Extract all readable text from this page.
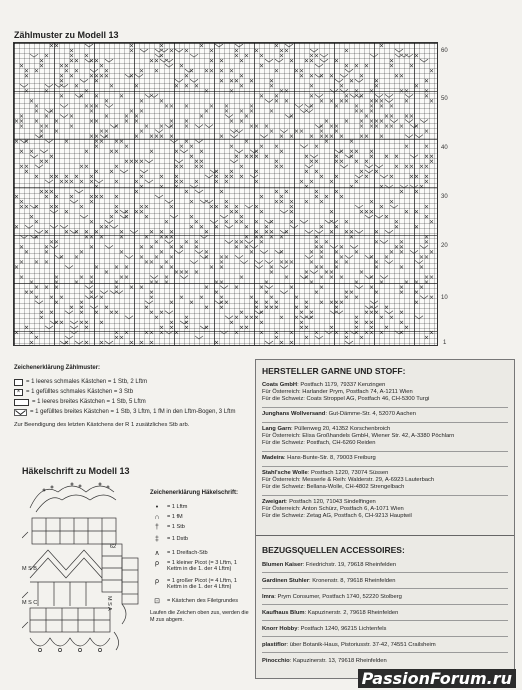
Zählmuster zu Modell 13
60
50
40
30
20
10
1
Zeichenerklärung Zählmuster:
= 1 leeres schmales Kästchen = 1 Stb, 2 Lftm
× = 1 gefülltes schmales Kästchen = 3 Stb
= 1 leeres breites Kästchen = 1 Stb, 5 Lftm
= 1 gefülltes breites Kästchen = 1 Stb, 3 Lftm, 1 fM in den Lftm-Bogen, 3 Lftm
Zur Beendigung des letzten Kästchens der R 1 zusätzliches Stb arb.
Häkelschrift zu Modell 13
M S B
62
M S A
M S C
Zeichenerklärung Häkelschrift:
•	= 1 Lftm
∩	= 1 fM
†	= 1 Stb
‡	= 1 Dstb
∧	= 1 Dreifach-Stb
ρ	= 1 kleiner Picot (= 3 Lftm, 1 Kettm in die 1. der 4 Lftm)
ρ	= 1 großer Picot (= 4 Lftm, 1 Kettm in die 1. der 4 Lftm)
⊡	= Kästchen des Filetgrundes
Laufen die Zeichen oben zus, werden die M zus abgem.
HERSTELLER GARNE UND STOFF:
Coats GmbH: Postfach 1179, 79337 Kenzingen
Für Österreich: Harlander Prym, Postfach 74, A-1211 Wien
Für die Schweiz: Coats Stroppel AG, Postfach 46, CH-5300 Turgi
Junghans Wollversand: Gut-Dämme-Str. 4, 52070 Aachen
Lang Garn: Püllenweg 20, 41352 Korschenbroich
Für Österreich: Elisa Großhandels GmbH, Wiener Str. 42, A-3380 Pöchlarn
Für die Schweiz: Postfach, CH-6260 Reiden
Madeira: Hans-Bunte-Str. 8, 79003 Freiburg
Stahl'sche Wolle: Postfach 1220, 73074 Süssen
Für Österreich: Messerle & Reih: Walderstr. 29, A-6923 Lauterbach
Für die Schweiz: Bellana-Wolle, CH-4802 Strengelbach
Zweigart: Postfach 120, 71043 Sindelfingen
Für Österreich: Anton Schürz, Postfach 6, A-1071 Wien
Für die Schweiz: Zetag AG, Postfach 6, CH-9213 Hauptwil
BEZUGSQUELLEN ACCESSOIRES:
Blumen Kaiser: Friedrichstr. 19, 79618 Rheinfelden
Gardinen Stuhler: Kronenstr. 8, 79618 Rheinfelden
Imra: Prym Consumer, Postfach 1740, 52220 Stolberg
Kaufhaus Blum: Kapuzinerstr. 2, 79618 Rheinfelden
Knorr Hobby: Postfach 1240, 96215 Lichtenfels
plastiflor: über Botanik-Haus, Pistoriusstr. 37-42, 74551 Crailsheim
Pinocchio: Kapuzinerstr. 13, 79618 Rheinfelden
PassionForum.ru
